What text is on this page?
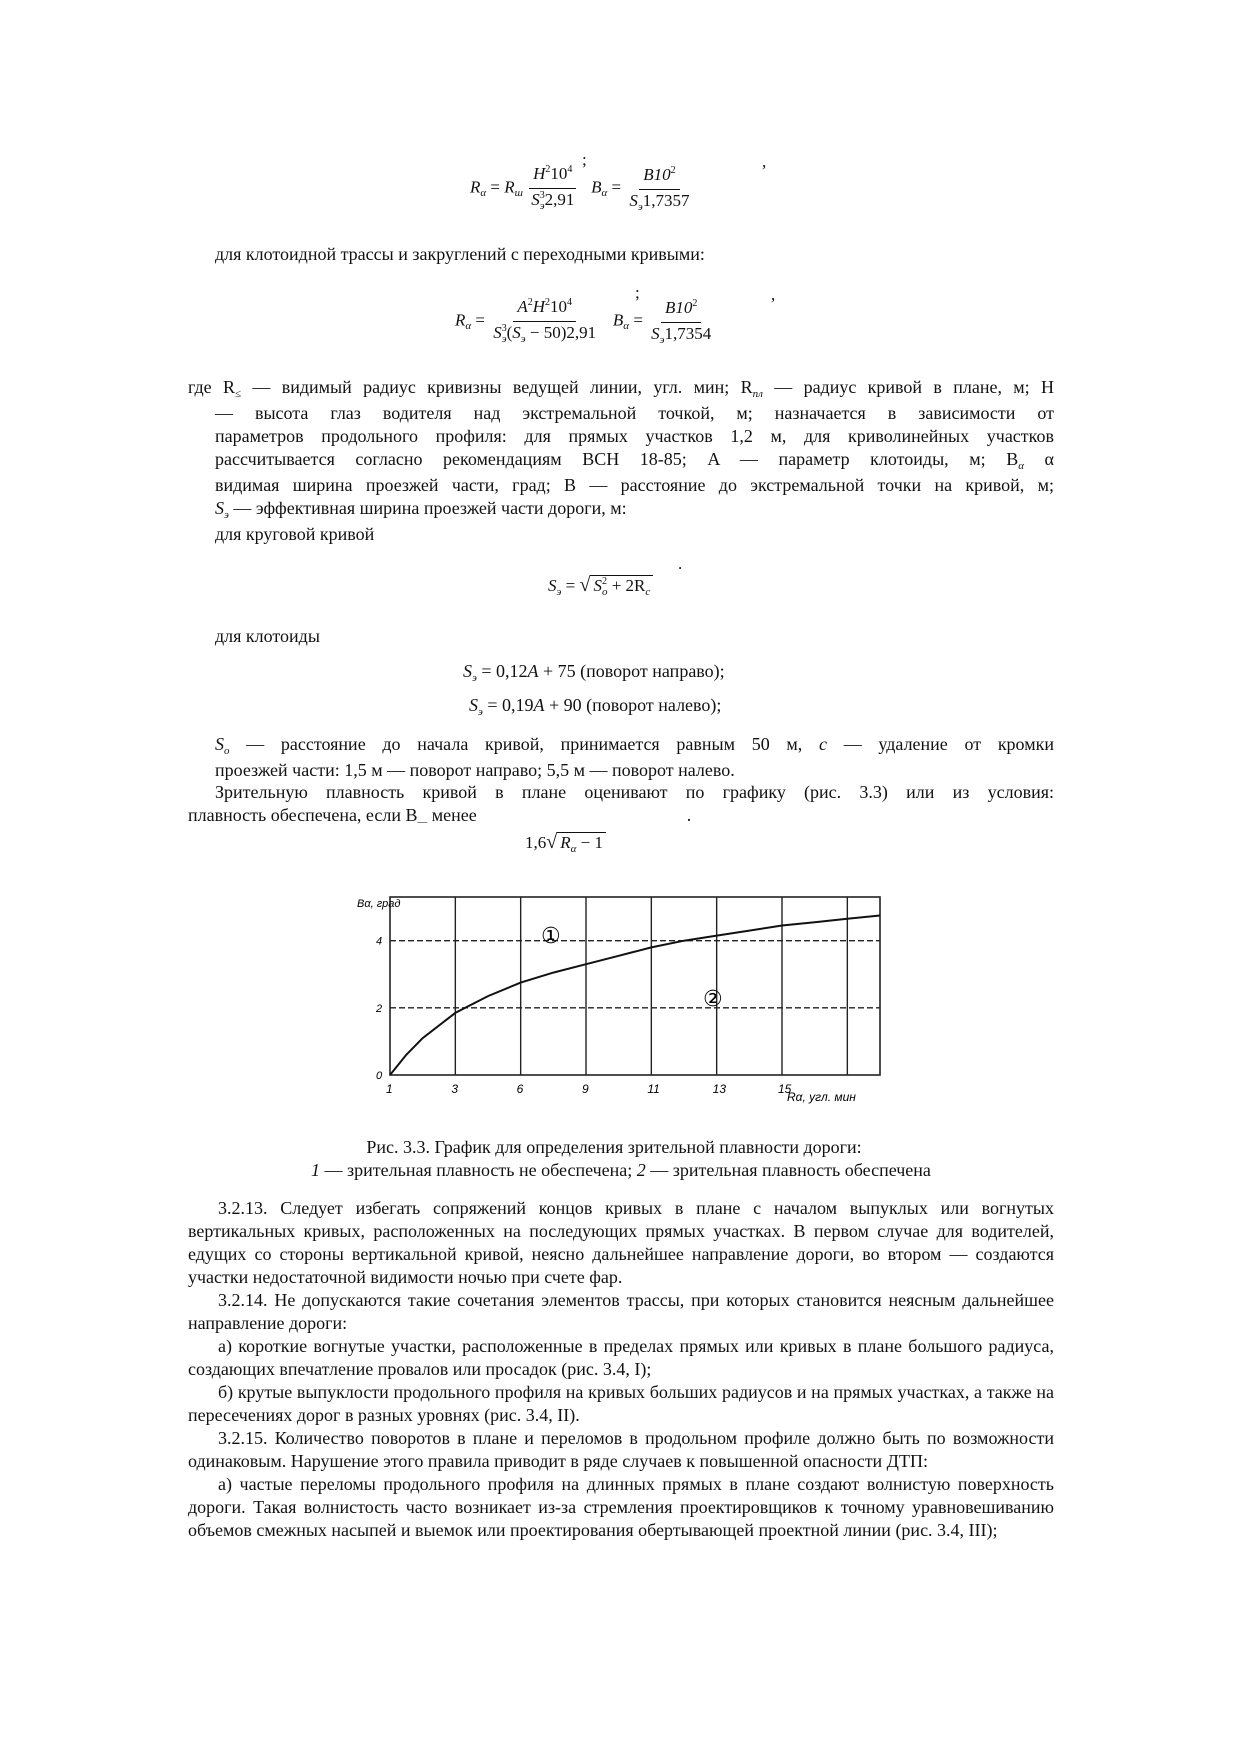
;	,
$R_\alpha = R_ш \frac{H^210^4}{S^3_э2,91} B_\alpha = \frac{B10^2}{S_э1,7357}$
для клотоидной трассы и закруглений с переходными кривыми:
;	,
$R_\alpha = \frac{A^2H^210^4}{S^3_э(S_э - 50)2,91} B_\alpha = \frac{B10^2}{S_э1,7354}$
где $R_\le$ — видимый радиус кривизны ведущей линии, угл. мин; $R_{пл}$ — радиус кривой в плане, м; H
— высота глаз водителя над экстремальной точкой, м; назначается в зависимости от
параметров продольного профиля: для прямых участков 1,2 м, для криволинейных участков
рассчитывается согласно рекомендациям ВСН 18-85; A — параметр клотоиды, м; $B_\alpha$ α
видимая ширина проезжей части, град; B — расстояние до экстремальной точки на кривой, м;
$S_э$ — эффективная ширина проезжей части дороги, м:
для круговой кривой
.
$S_э$ = √ $S^2_о + 2R_с$
для клотоиды
$S_э = 0,12A + 75$ (поворот направо);
$S_э = 0,19A + 90$ (поворот налево);
$S_о$ — расстояние до начала кривой, принимается равным 50 м, c — удаление от кромки
проезжей части: 1,5 м — поворот направо; 5,5 м — поворот налево.
Зрительную плавность кривой в плане оценивают по графику (рис. 3.3) или из условия:
плавность обеспечена, если $B_—$ менее	.
1,6√ $R_\alpha - 1$
1	3	6	9	11	13	15
0
2
4
Bα, град
Rα, угл. мин
①
②
Рис. 3.3. График для определения зрительной плавности дороги:
1 — зрительная плавность не обеспечена; 2 — зрительная плавность обеспечена

3.2.13. Следует избегать сопряжений концов кривых в плане с началом выпуклых или вогнутых вертикальных кривых, расположенных на последующих прямых участках. В первом случае для водителей, едущих со стороны вертикальной кривой, неясно дальнейшее направление дороги, во втором — создаются участки недостаточной видимости ночью при счете фар.

3.2.14. Не допускаются такие сочетания элементов трассы, при которых становится неясным дальнейшее направление дороги:

а) короткие вогнутые участки, расположенные в пределах прямых или кривых в плане большого радиуса, создающих впечатление провалов или просадок (рис. 3.4, I);

б) крутые выпуклости продольного профиля на кривых больших радиусов и на прямых участках, а также на пересечениях дорог в разных уровнях (рис. 3.4, II).

3.2.15. Количество поворотов в плане и переломов в продольном профиле должно быть по возможности одинаковым. Нарушение этого правила приводит в ряде случаев к повышенной опасности ДТП:

а) частые переломы продольного профиля на длинных прямых в плане создают волнистую поверхность дороги. Такая волнистость часто возникает из-за стремления проектировщиков к точному уравновешиванию объемов смежных насыпей и выемок или проектирования обертывающей проектной линии (рис. 3.4, III);
